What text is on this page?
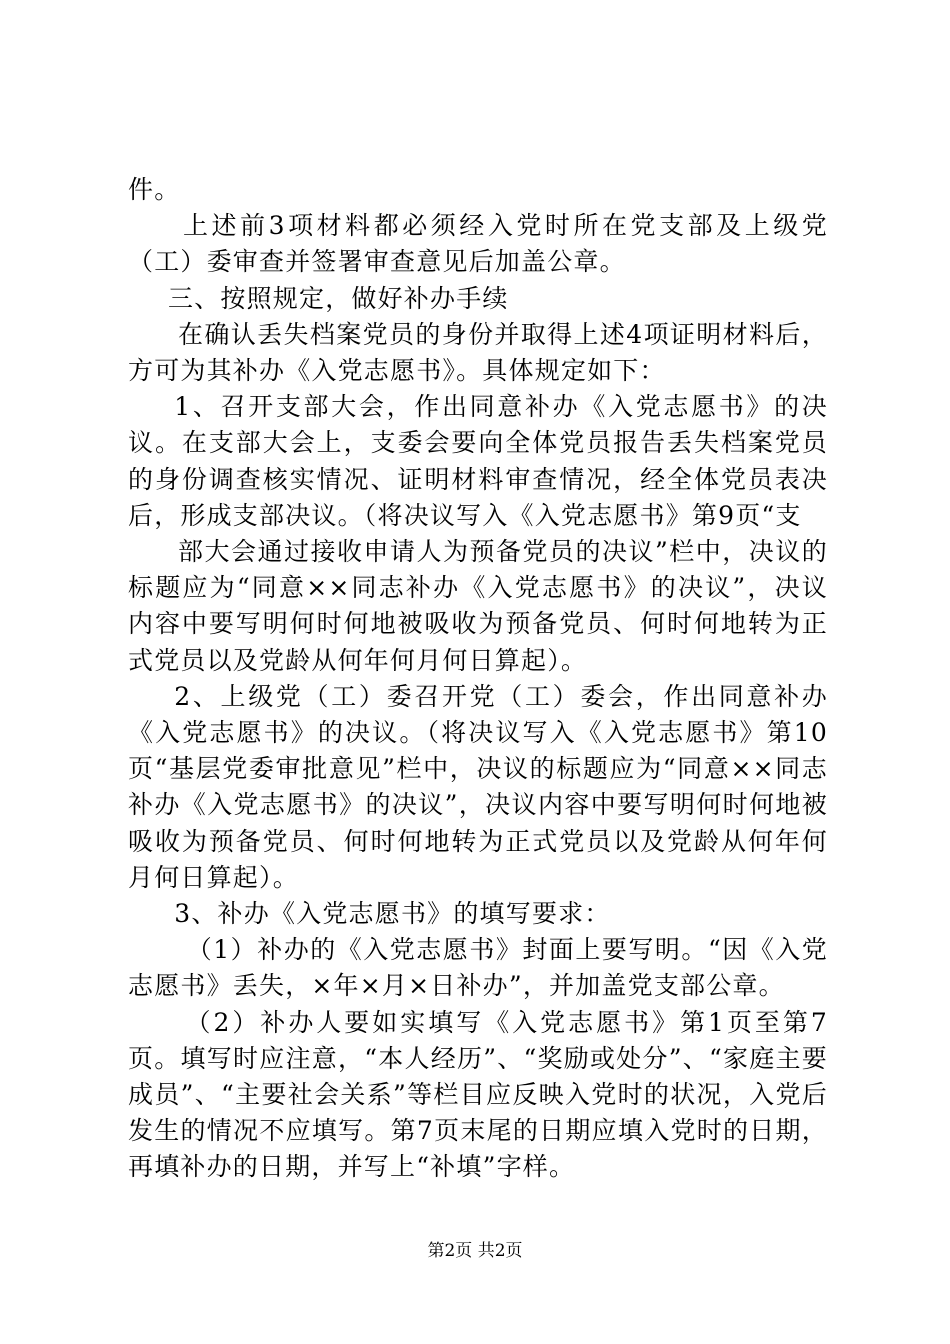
件。

上述前3项材料都必须经入党时所在党支部及上级党（工）委审查并签署审查意见后加盖公章。

三、按照规定，做好补办手续

在确认丢失档案党员的身份并取得上述4项证明材料后，方可为其补办《入党志愿书》。具体规定如下：

1、召开支部大会，作出同意补办《入党志愿书》的决议。在支部大会上，支委会要向全体党员报告丢失档案党员的身份调查核实情况、证明材料审查情况，经全体党员表决后，形成支部决议。（将决议写入《入党志愿书》第9页“支

部大会通过接收申请人为预备党员的决议”栏中，决议的标题应为“同意××同志补办《入党志愿书》的决议”，决议内容中要写明何时何地被吸收为预备党员、何时何地转为正式党员以及党龄从何年何月何日算起）。

2、上级党（工）委召开党（工）委会，作出同意补办《入党志愿书》的决议。（将决议写入《入党志愿书》第10页“基层党委审批意见”栏中，决议的标题应为“同意××同志补办《入党志愿书》的决议”，决议内容中要写明何时何地被吸收为预备党员、何时何地转为正式党员以及党龄从何年何月何日算起）。

3、补办《入党志愿书》的填写要求：

（1）补办的《入党志愿书》封面上要写明。“因《入党志愿书》丢失，×年×月×日补办”，并加盖党支部公章。

（2）补办人要如实填写《入党志愿书》第1页至第7页。填写时应注意，“本人经历”、“奖励或处分”、“家庭主要成员”、“主要社会关系”等栏目应反映入党时的状况，入党后发生的情况不应填写。第7页末尾的日期应填入党时的日期，再填补办的日期，并写上“补填”字样。

第2页 共2页
